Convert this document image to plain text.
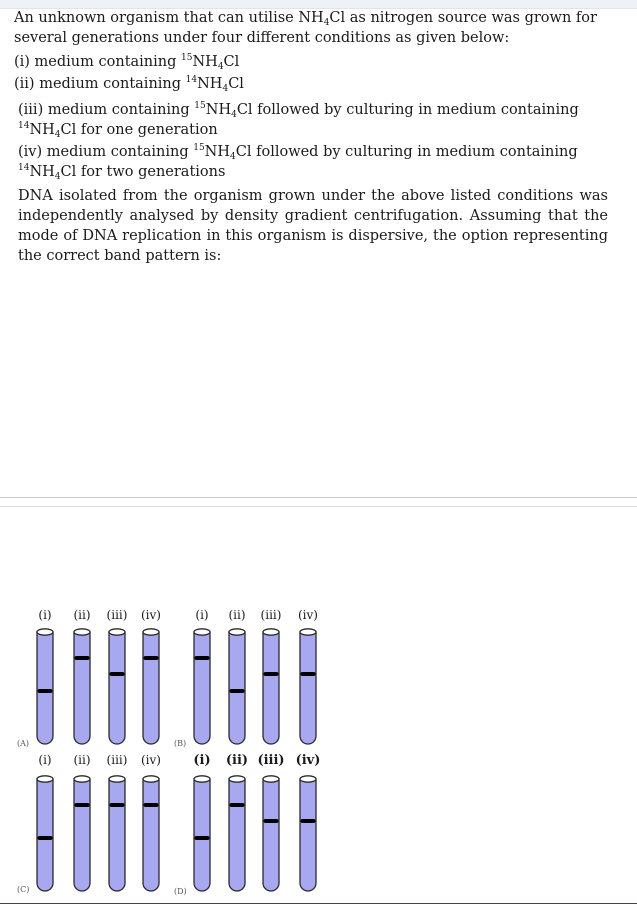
An unknown organism that can utilise $NH_4Cl$ as nitrogen source was grown for several generations under four different conditions as given below:

(i) medium containing $^{15}NH_4Cl$

(ii) medium containing $^{14}NH_4Cl$

(iii) medium containing $^{15}NH_4Cl$ followed by culturing in medium containing $^{14}NH_4Cl$ for one generation

(iv) medium containing $^{15}NH_4Cl$ followed by culturing in medium containing $^{14}NH_4Cl$ for two generations

DNA isolated from the organism grown under the above listed conditions was independently analysed by density gradient centrifugation. Assuming that the mode of DNA replication in this organism is dispersive, the option representing the correct band pattern is:

(i) (ii) (iii) (iv)
(A)
(i) (ii) (iii) (iv)
(B)
(i) (ii) (iii) (iv)
(C)
(i) (ii) (iii) (iv)
(D)
